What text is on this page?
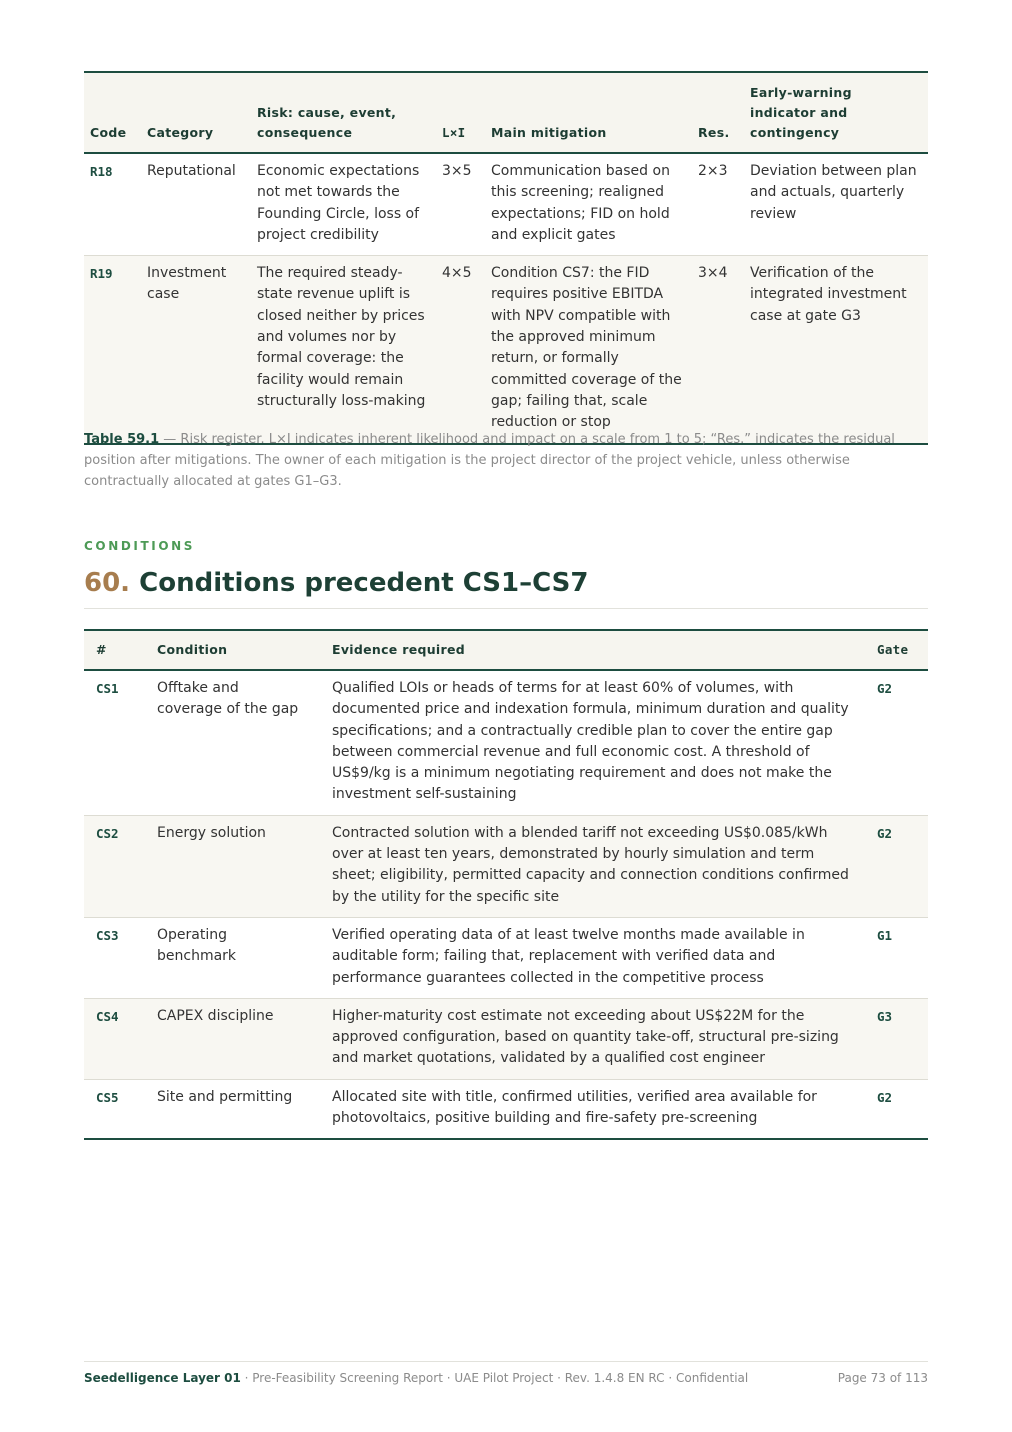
Code	Category	Risk: cause, event, consequence	L×I	Main mitigation	Res.	Early-warning indicator and contingency
R18	Reputational	Economic expectations not met towards the Founding Circle, loss of project credibility	3×5	Communication based on this screening; realigned expectations; FID on hold and explicit gates	2×3	Deviation between plan and actuals, quarterly review
R19	Investment case	The required steady-state revenue uplift is closed neither by prices and volumes nor by formal coverage: the facility would remain structurally loss-making	4×5	Condition CS7: the FID requires positive EBITDA with NPV compatible with the approved minimum return, or formally committed coverage of the gap; failing that, scale reduction or stop	3×4	Verification of the integrated investment case at gate G3
Table 59.1 — Risk register. L×I indicates inherent likelihood and impact on a scale from 1 to 5; “Res.” indicates the residual position after mitigations. The owner of each mitigation is the project director of the project vehicle, unless otherwise contractually allocated at gates G1–G3.
CONDITIONS
60. Conditions precedent CS1–CS7
#	Condition	Evidence required	Gate
CS1	Offtake and coverage of the gap	Qualified LOIs or heads of terms for at least 60% of volumes, with documented price and indexation formula, minimum duration and quality specifications; and a contractually credible plan to cover the entire gap between commercial revenue and full economic cost. A threshold of US$9/kg is a minimum negotiating requirement and does not make the investment self-sustaining	G2
CS2	Energy solution	Contracted solution with a blended tariff not exceeding US$0.085/kWh over at least ten years, demonstrated by hourly simulation and term sheet; eligibility, permitted capacity and connection conditions confirmed by the utility for the specific site	G2
CS3	Operating benchmark	Verified operating data of at least twelve months made available in auditable form; failing that, replacement with verified data and performance guarantees collected in the competitive process	G1
CS4	CAPEX discipline	Higher-maturity cost estimate not exceeding about US$22M for the approved configuration, based on quantity take-off, structural pre-sizing and market quotations, validated by a qualified cost engineer	G3
CS5	Site and permitting	Allocated site with title, confirmed utilities, verified area available for photovoltaics, positive building and fire-safety pre-screening	G2
Seedelligence Layer 01 · Pre-Feasibility Screening Report · UAE Pilot Project · Rev. 1.4.8 EN RC · Confidential	Page 73 of 113
